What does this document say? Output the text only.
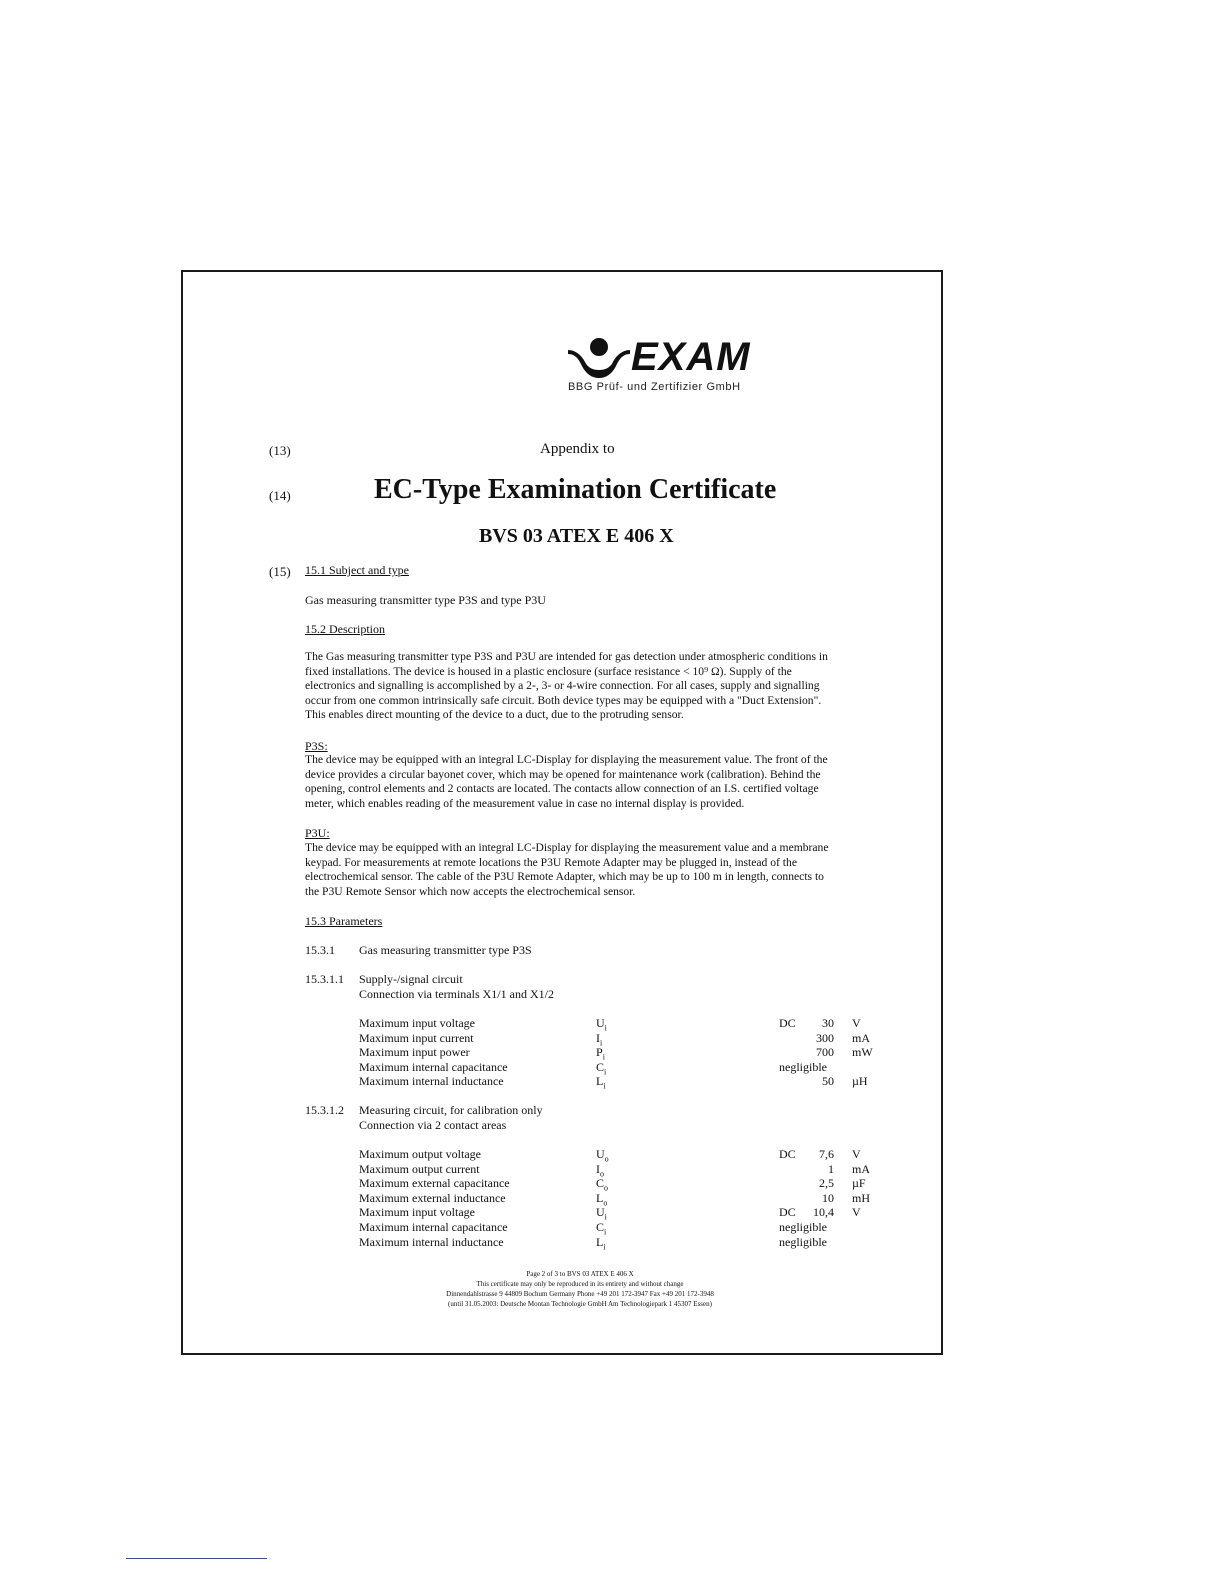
EXAM
BBG Prüf- und Zertifizier GmbH
(13)	Appendix to
(14)	EC-Type Examination Certificate
BVS 03 ATEX E 406 X
(15) 15.1 Subject and type
Gas measuring transmitter type P3S and type P3U
15.2 Description
The Gas measuring transmitter type P3S and P3U are intended for gas detection under atmospheric conditions in
fixed installations. The device is housed in a plastic enclosure (surface resistance < 10⁹ Ω). Supply of the
electronics and signalling is accomplished by a 2-, 3- or 4-wire connection. For all cases, supply and signalling
occur from one common intrinsically safe circuit. Both device types may be equipped with a "Duct Extension".
This enables direct mounting of the device to a duct, due to the protruding sensor.
P3S:
The device may be equipped with an integral LC-Display for displaying the measurement value. The front of the
device provides a circular bayonet cover, which may be opened for maintenance work (calibration). Behind the
opening, control elements and 2 contacts are located. The contacts allow connection of an I.S. certified voltage
meter, which enables reading of the measurement value in case no internal display is provided.
P3U:
The device may be equipped with an integral LC-Display for displaying the measurement value and a membrane
keypad. For measurements at remote locations the P3U Remote Adapter may be plugged in, instead of the
electrochemical sensor. The cable of the P3U Remote Adapter, which may be up to 100 m in length, connects to
the P3U Remote Sensor which now accepts the electrochemical sensor.
15.3 Parameters
15.3.1 Gas measuring transmitter type P3S
15.3.1.1 Supply-/signal circuit
Connection via terminals X1/1 and X1/2
Maximum input voltage	$U_i$	DC 30 V
Maximum input current	$I_i$	300 mA
Maximum input power	$P_i$	700 mW
Maximum internal capacitance	$C_i$	negligible
Maximum internal inductance	$L_i$	50 µH
15.3.1.2 Measuring circuit, for calibration only
Connection via 2 contact areas
Maximum output voltage	$U_o$	DC 7,6 V
Maximum output current	$I_o$	1 mA
Maximum external capacitance	$C_o$	2,5 µF
Maximum external inductance	$L_o$	10 mH
Maximum input voltage	$U_i$	DC 10,4 V
Maximum internal capacitance	$C_i$	negligible
Maximum internal inductance	$L_i$	negligible
Page 2 of 3 to BVS 03 ATEX E 406 X
This certificate may only be reproduced in its entirety and without change
Dinnendahlstrasse 9 44809 Bochum Germany Phone +49 201 172-3947 Fax +49 201 172-3948
(until 31.05.2003: Deutsche Montan Technologie GmbH Am Technologiepark 1 45307 Essen)
